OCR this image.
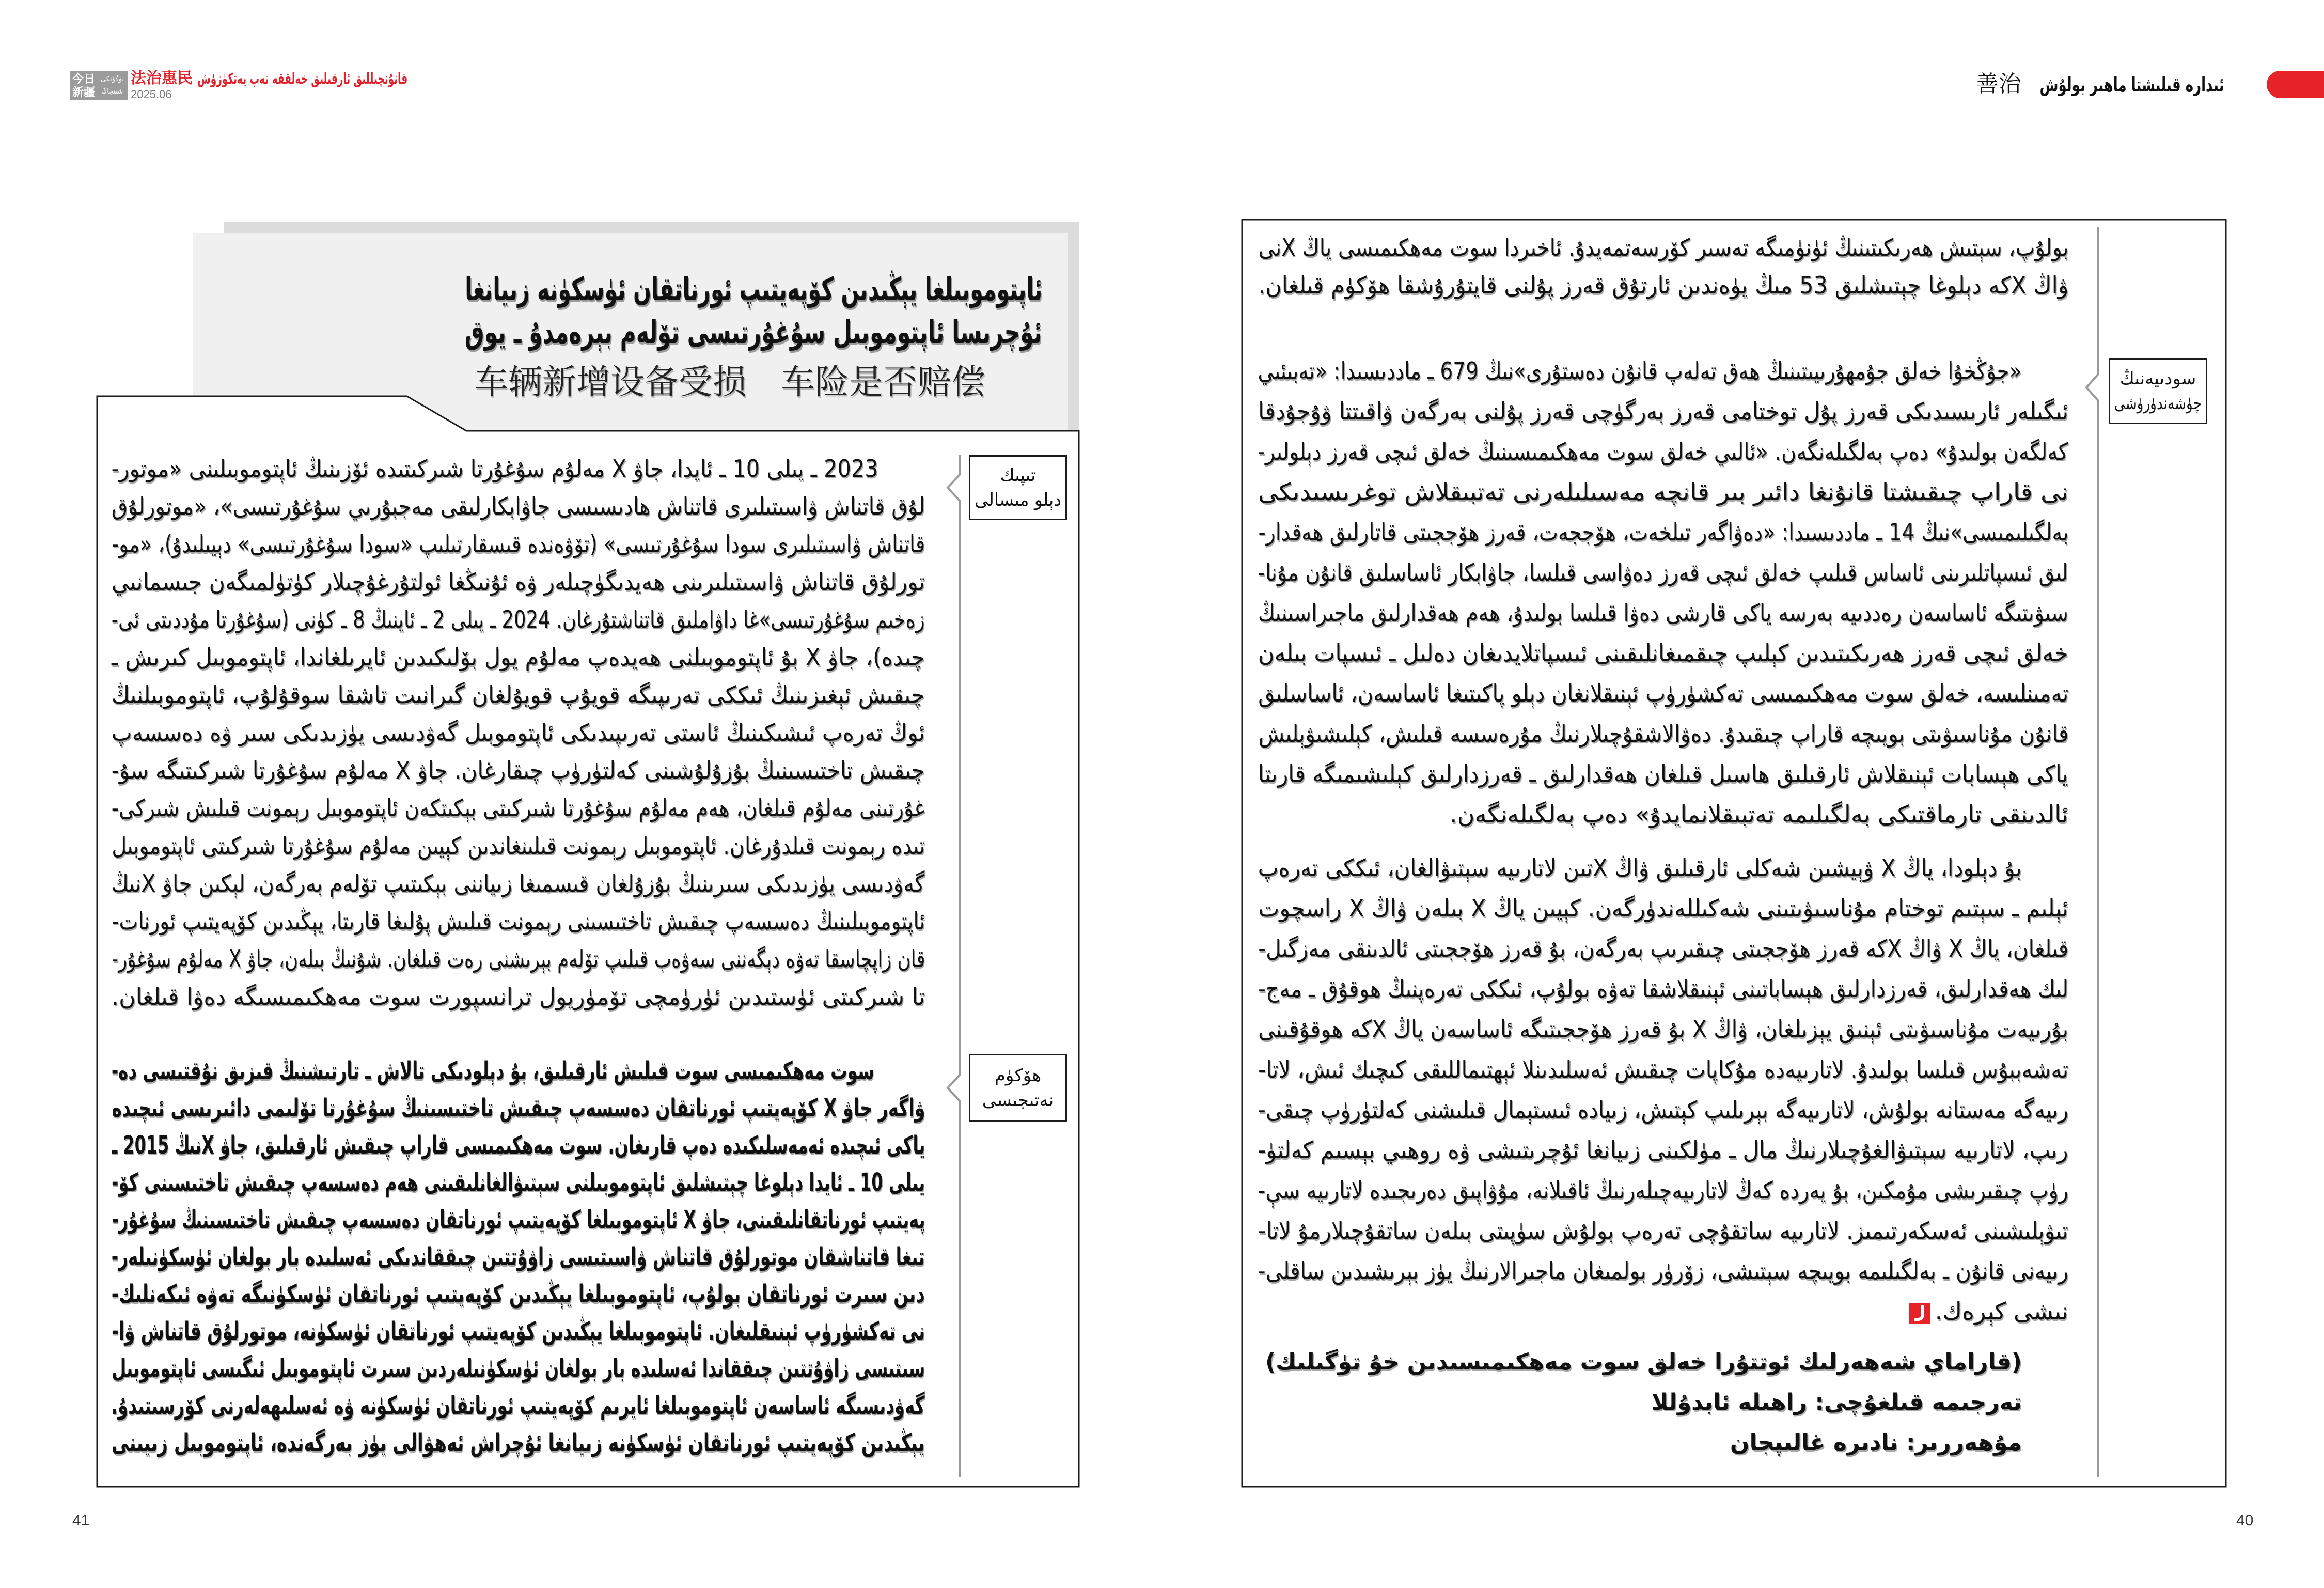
今日
新疆
بۈگۈنكى
شىنجاڭ
法治惠民 قانۇنچىللىق ئارقىلىق خەلققە نەپ يەتكۈزۈش
2025.06	善治 ئىدارە قىلىشتا ماھىر بولۇش
ئاپتوموبىلغا يېڭىدىن كۆپەيتىپ ئورناتقان ئۈسكۈنە زىيانغا
ئۇچرىسا ئاپتوموبىل سۇغۇرتىسى تۆلەم بېرەمدۇ ـ يوق
车辆新增设备受损　车险是否赔偿
تىپىك
دېلو مىسالى
ھۆكۈم
نەتىجىسى
2023 ـ يىلى 10 ـ ئايدا، جاۋ X مەلۇم سۇغۇرتا شىركىتىدە ئۆزىنىڭ ئاپتوموبىلىنى «موتور-
لۇق قاتناش ۋاسىتىلىرى قاتناش ھادىسىسى جاۋابكارلىقى مەجبۇرىي سۇغۇرتىسى»، «موتورلۇق
قاتناش ۋاسىتىلىرى سودا سۇغۇرتىسى» (تۆۋەندە قىسقارتىلىپ «سودا سۇغۇرتىسى» دېيىلىدۇ)، «مو-
تورلۇق قاتناش ۋاسىتىلىرىنى ھەيدىگۈچىلەر ۋە ئۇنىڭغا ئولتۇرغۇچىلار كۈتۈلمىگەن جىسمانىي
زەخىم سۇغۇرتىسى»غا داۋاملىق قاتناشتۇرغان. 2024 ـ يىلى 2 ـ ئاينىڭ 8 ـ كۈنى (سۇغۇرتا مۇددىتى ئى-
چىدە)، جاۋ X بۇ ئاپتوموبىلنى ھەيدەپ مەلۇم يول بۆلىكىدىن ئايرىلغاندا، ئاپتوموبىل كىرىش ـ
چىقىش ئېغىزىنىڭ ئىككى تەرىپىگە قويۇپ قويۇلغان گىرانىت تاشقا سوقۇلۇپ، ئاپتوموبىلنىڭ
ئوڭ تەرەپ ئىشىكىنىڭ ئاستى تەرىپىدىكى ئاپتوموبىل گەۋدىسى يۈزىدىكى سىر ۋە دەسسەپ
چىقىش تاختىسىنىڭ بۇزۇلۇشىنى كەلتۈرۈپ چىقارغان. جاۋ X مەلۇم سۇغۇرتا شىركىتىگە سۇ-
غۇرتىنى مەلۇم قىلغان، ھەم مەلۇم سۇغۇرتا شىركىتى بېكىتكەن ئاپتوموبىل رېمونت قىلىش شىركى-
تىدە رېمونت قىلدۇرغان. ئاپتوموبىل رېمونت قىلىنغاندىن كېيىن مەلۇم سۇغۇرتا شىركىتى ئاپتوموبىل
گەۋدىسى يۈزىدىكى سىرىنىڭ بۇزۇلغان قىسمىغا زىياننى بېكىتىپ تۆلەم بەرگەن، لېكىن جاۋ Xنىڭ
ئاپتوموبىلىنىڭ دەسسەپ چىقىش تاختىسىنى رېمونت قىلىش پۇلىغا قارىتا، يېڭىدىن كۆپەيتىپ ئورنات-
قان زاپچاسقا تەۋە دېگەننى سەۋەب قىلىپ تۆلەم بېرىشنى رەت قىلغان. شۇنىڭ بىلەن، جاۋ X مەلۇم سۇغۇر-
تا شىركىتى ئۈستىدىن ئۈرۈمچى تۆمۈريول ترانسپورت سوت مەھكىمىسىگە دەۋا قىلغان.
سوت مەھكىمىسى سوت قىلىش ئارقىلىق، بۇ دېلودىكى تالاش ـ تارتىشنىڭ قىزىق نۇقتىسى دە-
ۋاگەر جاۋ X كۆپەيتىپ ئورناتقان دەسسەپ چىقىش تاختىسىنىڭ سۇغۇرتا تۆلىمى دائىرىسى ئىچىدە
ياكى ئىچىدە ئەمەسلىكىدە دەپ قارىغان. سوت مەھكىمىسى قاراپ چىقىش ئارقىلىق، جاۋ Xنىڭ 2015 ـ
يىلى 10 ـ ئايدا دېلوغا چېتىشلىق ئاپتوموبىلنى سېتىۋالغانلىقىنى ھەم دەسسەپ چىقىش تاختىسىنى كۆ-
پەيتىپ ئورناتقانلىقىنى، جاۋ X ئاپتوموبىلغا كۆپەيتىپ ئورناتقان دەسسەپ چىقىش تاختىسىنىڭ سۇغۇر-
تىغا قاتناشقان موتورلۇق قاتناش ۋاسىتىسى زاۋۇتتىن چىققاندىكى ئەسلىدە بار بولغان ئۈسكۈنىلەر-
دىن سىرت ئورناتقان بولۇپ، ئاپتوموبىلغا يېڭىدىن كۆپەيتىپ ئورناتقان ئۈسكۈنىگە تەۋە ئىكەنلىك-
نى تەكشۈرۈپ ئېنىقلىغان. ئاپتوموبىلغا يېڭىدىن كۆپەيتىپ ئورناتقان ئۈسكۈنە، موتورلۇق قاتناش ۋا-
سىتىسى زاۋۇتتىن چىققاندا ئەسلىدە بار بولغان ئۈسكۈنىلەردىن سىرت ئاپتوموبىل ئىگىسى ئاپتوموبىل
گەۋدىسىگە ئاساسەن ئاپتوموبىلغا ئايرىم كۆپەيتىپ ئورناتقان ئۈسكۈنە ۋە ئەسلىھەلەرنى كۆرسىتىدۇ.
يېڭىدىن كۆپەيتىپ ئورناتقان ئۈسكۈنە زىيانغا ئۇچراش ئەھۋالى يۈز بەرگەندە، ئاپتوموبىل زىيىنى
سودىيەنىڭ
چۈشەندۈرۈشى
بولۇپ، سېتىش ھەرىكىتىنىڭ ئۈنۈمىگە تەسىر كۆرسەتمەيدۇ. ئاخىردا سوت مەھكىمىسى ياڭ Xنى
ۋاڭ Xكە دېلوغا چېتىشلىق 53 مىڭ يۈەندىن ئارتۇق قەرز پۇلنى قايتۇرۇشقا ھۆكۈم قىلغان.
«جۇڭخۇا خەلق جۇمھۇرىيىتىنىڭ ھەق تەلەپ قانۇن دەستۇرى»نىڭ 679 ـ ماددىسىدا: «تەبىئىي
ئىگىلەر ئارىسىدىكى قەرز پۇل توختامى قەرز بەرگۈچى قەرز پۇلنى بەرگەن ۋاقىتتا ۋۇجۇدقا
كەلگەن بولىدۇ» دەپ بەلگىلەنگەن. «ئالىي خەلق سوت مەھكىمىسىنىڭ خەلق ئىچى قەرز دېلولىر-
نى قاراپ چىقىشتا قانۇنغا دائىر بىر قانچە مەسىلىلەرنى تەتبىقلاش توغرىسىدىكى
بەلگىلىمىسى»نىڭ 14 ـ ماددىسىدا: «دەۋاگەر تىلخەت، ھۆججەت، قەرز ھۆججىتى قاتارلىق ھەقدار-
لىق ئىسپاتلىرىنى ئاساس قىلىپ خەلق ئىچى قەرز دەۋاسى قىلسا، جاۋابكار ئاساسلىق قانۇن مۇنا-
سىۋىتىگە ئاساسەن رەددىيە بەرسە ياكى قارشى دەۋا قىلسا بولىدۇ، ھەم ھەقدارلىق ماجىراسىنىڭ
خەلق ئىچى قەرز ھەرىكىتىدىن كېلىپ چىقمىغانلىقىنى ئىسپاتلايدىغان دەلىل ـ ئىسپات بىلەن
تەمىنلىسە، خەلق سوت مەھكىمىسى تەكشۈرۈپ ئېنىقلانغان دېلو پاكىتىغا ئاساسەن، ئاساسلىق
قانۇن مۇناسىۋىتى بويىچە قاراپ چىقىدۇ. دەۋالاشقۇچىلارنىڭ مۇرەسسە قىلىش، كېلىشىۋېلىش
ياكى ھېسابات ئېنىقلاش ئارقىلىق ھاسىل قىلغان ھەقدارلىق ـ قەرزدارلىق كېلىشىمىگە قارىتا
ئالدىنقى تارماقتىكى بەلگىلىمە تەتبىقلانمايدۇ» دەپ بەلگىلەنگەن.
بۇ دېلودا، ياڭ X ۋېيشىن شەكلى ئارقىلىق ۋاڭ Xتىن لاتارىيە سېتىۋالغان، ئىككى تەرەپ
ئېلىم ـ سېتىم توختام مۇناسىۋىتىنى شەكىللەندۈرگەن. كېيىن ياڭ X بىلەن ۋاڭ X راسچوت
قىلغان، ياڭ X ۋاڭ Xكە قەرز ھۆججىتى چىقىرىپ بەرگەن، بۇ قەرز ھۆججىتى ئالدىنقى مەزگىل-
لىك ھەقدارلىق، قەرزدارلىق ھېساباتىنى ئېنىقلاشقا تەۋە بولۇپ، ئىككى تەرەپنىڭ ھوقۇق ـ مەج-
بۇرىيەت مۇناسىۋىتى ئېنىق يېزىلغان، ۋاڭ X بۇ قەرز ھۆججىتىگە ئاساسەن ياڭ Xكە ھوقۇقىنى
تەشەببۇس قىلسا بولىدۇ. لاتارىيەدە مۇكاپات چىقىش ئەسلىدىنلا ئېھتىماللىقى كىچىك ئىش، لاتا-
رىيەگە مەستانە بولۇش، لاتارىيەگە بېرىلىپ كېتىش، زىيادە ئىستېمال قىلىشنى كەلتۈرۈپ چىقى-
رىپ، لاتارىيە سېتىۋالغۇچىلارنىڭ مال ـ مۈلكىنى زىيانغا ئۇچرىتىشى ۋە روھىي بېسىم كەلتۈ-
رۈپ چىقىرىشى مۇمكىن، بۇ يەردە كەڭ لاتارىيەچىلەرنىڭ ئاقىلانە، مۇۋاپىق دەرىجىدە لاتارىيە سې-
تىۋېلىشىنى ئەسكەرتىمىز. لاتارىيە ساتقۇچى تەرەپ بولۇش سۈپىتى بىلەن ساتقۇچىلارمۇ لاتا-
رىيەنى قانۇن ـ بەلگىلىمە بويىچە سېتىشى، زۆرۈر بولمىغان ماجىرالارنىڭ يۈز بېرىشىدىن ساقلى-
نىشى كېرەك.
(قاراماي شەھەرلىك ئوتتۇرا خەلق سوت مەھكىمىسىدىن خۇ تۈگىلىك)
تەرجىمە قىلغۇچى: راھىلە ئابدۇللا
مۇھەررىر: نادىرە غالىپجان
41	40
